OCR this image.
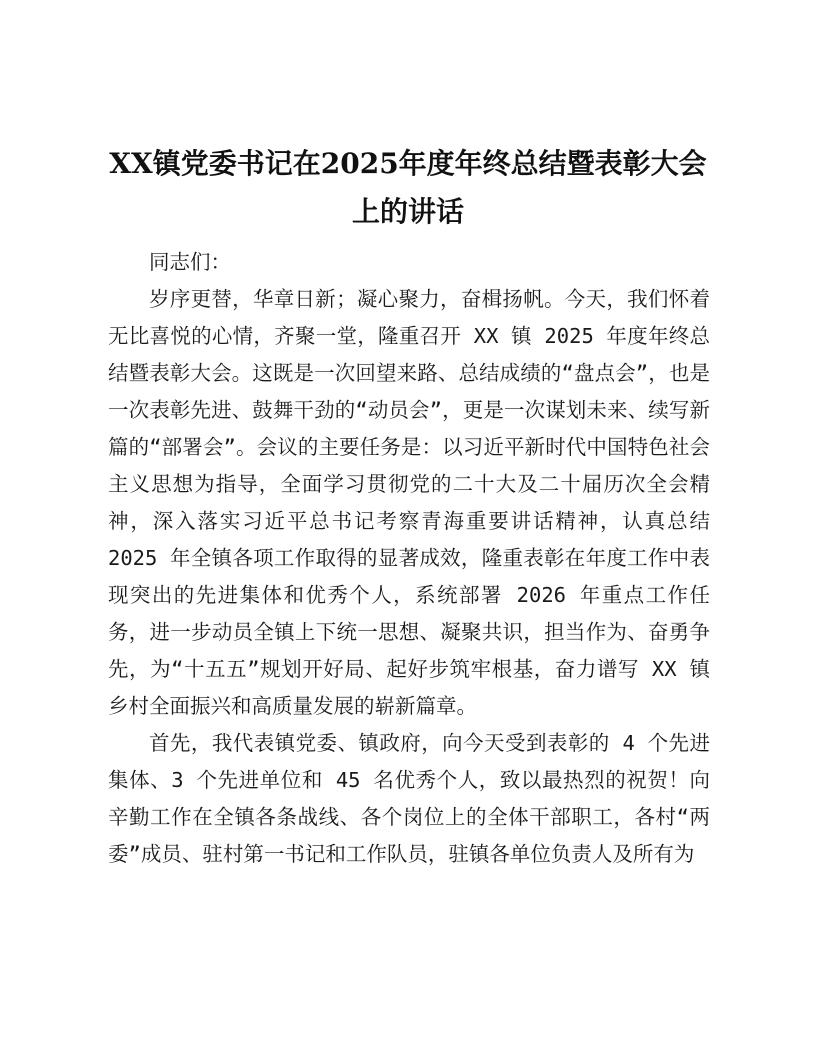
XX镇党委书记在2025年度年终总结暨表彰大会上的讲话

同志们：

岁序更替，华章日新；凝心聚力，奋楫扬帆。今天，我们怀着无比喜悦的心情，齐聚一堂，隆重召开 XX 镇 2025 年度年终总结暨表彰大会。这既是一次回望来路、总结成绩的“盘点会”，也是一次表彰先进、鼓舞干劲的“动员会”，更是一次谋划未来、续写新篇的“部署会”。会议的主要任务是：以习近平新时代中国特色社会主义思想为指导，全面学习贯彻党的二十大及二十届历次全会精神，深入落实习近平总书记考察青海重要讲话精神，认真总结 2025 年全镇各项工作取得的显著成效，隆重表彰在年度工作中表现突出的先进集体和优秀个人，系统部署 2026 年重点工作任务，进一步动员全镇上下统一思想、凝聚共识，担当作为、奋勇争先，为“十五五”规划开好局、起好步筑牢根基，奋力谱写 XX 镇乡村全面振兴和高质量发展的崭新篇章。

首先，我代表镇党委、镇政府，向今天受到表彰的 4 个先进集体、3 个先进单位和 45 名优秀个人，致以最热烈的祝贺！向辛勤工作在全镇各条战线、各个岗位上的全体干部职工，各村“两委”成员、驻村第一书记和工作队员，驻镇各单位负责人及所有为
